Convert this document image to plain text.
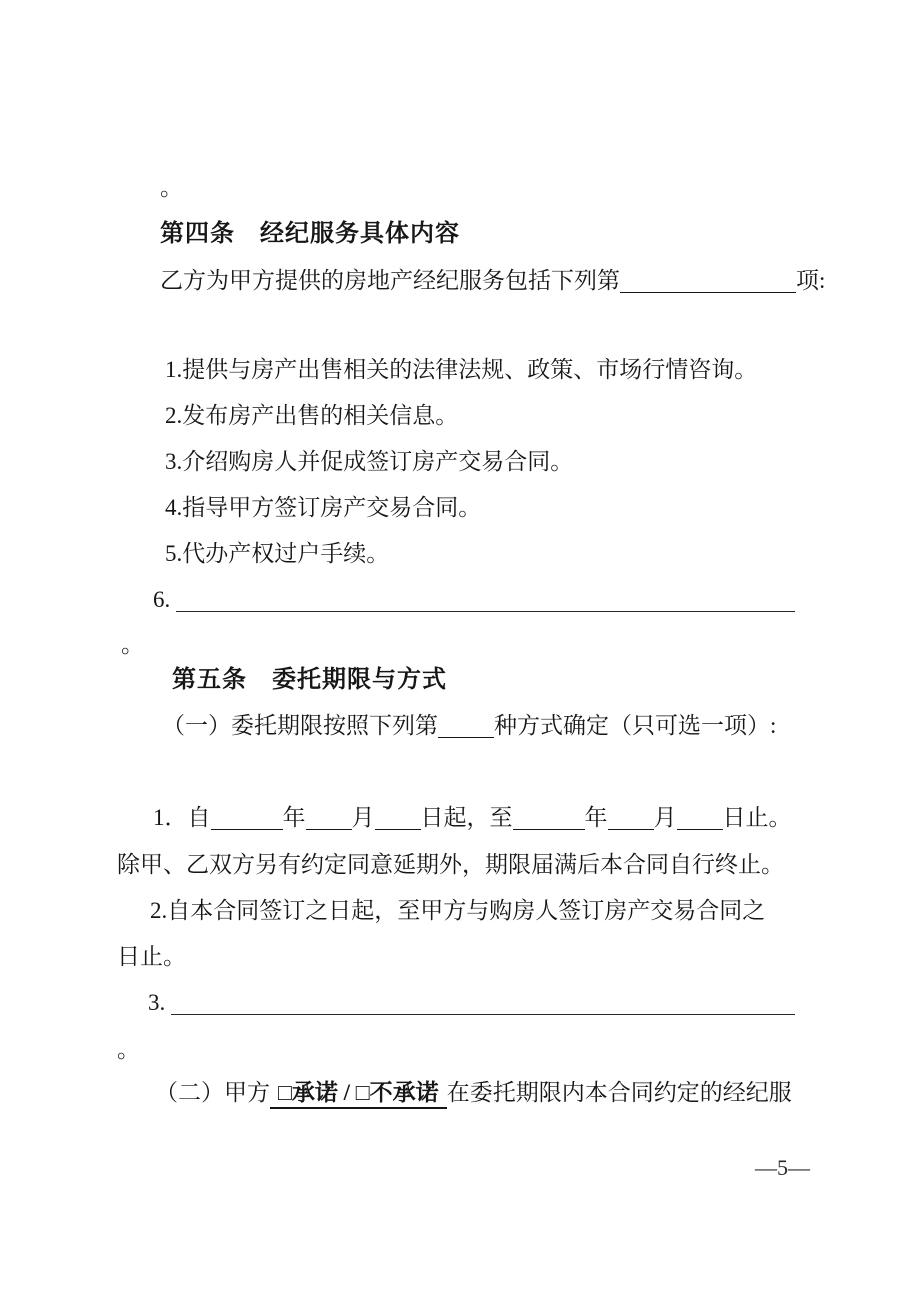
。
第四条　经纪服务具体内容
乙方为甲方提供的房地产经纪服务包括下列第	项:
1.提供与房产出售相关的法律法规、政策、市场行情咨询。
2.发布房产出售的相关信息。
3.介绍购房人并促成签订房产交易合同。
4.指导甲方签订房产交易合同。
5.代办产权过户手续。
6.
。
第五条　委托期限与方式
（一）委托期限按照下列第 种方式确定（只可选一项）:
1．自	年 月 日起，至	年 月 日止。
除甲、乙双方另有约定同意延期外，期限届满后本合同自行终止。
2.自本合同签订之日起，至甲方与购房人签订房产交易合同之
日止。
3.
。
（二）甲方 □承诺 / □不承诺 在委托期限内本合同约定的经纪服
—5—
